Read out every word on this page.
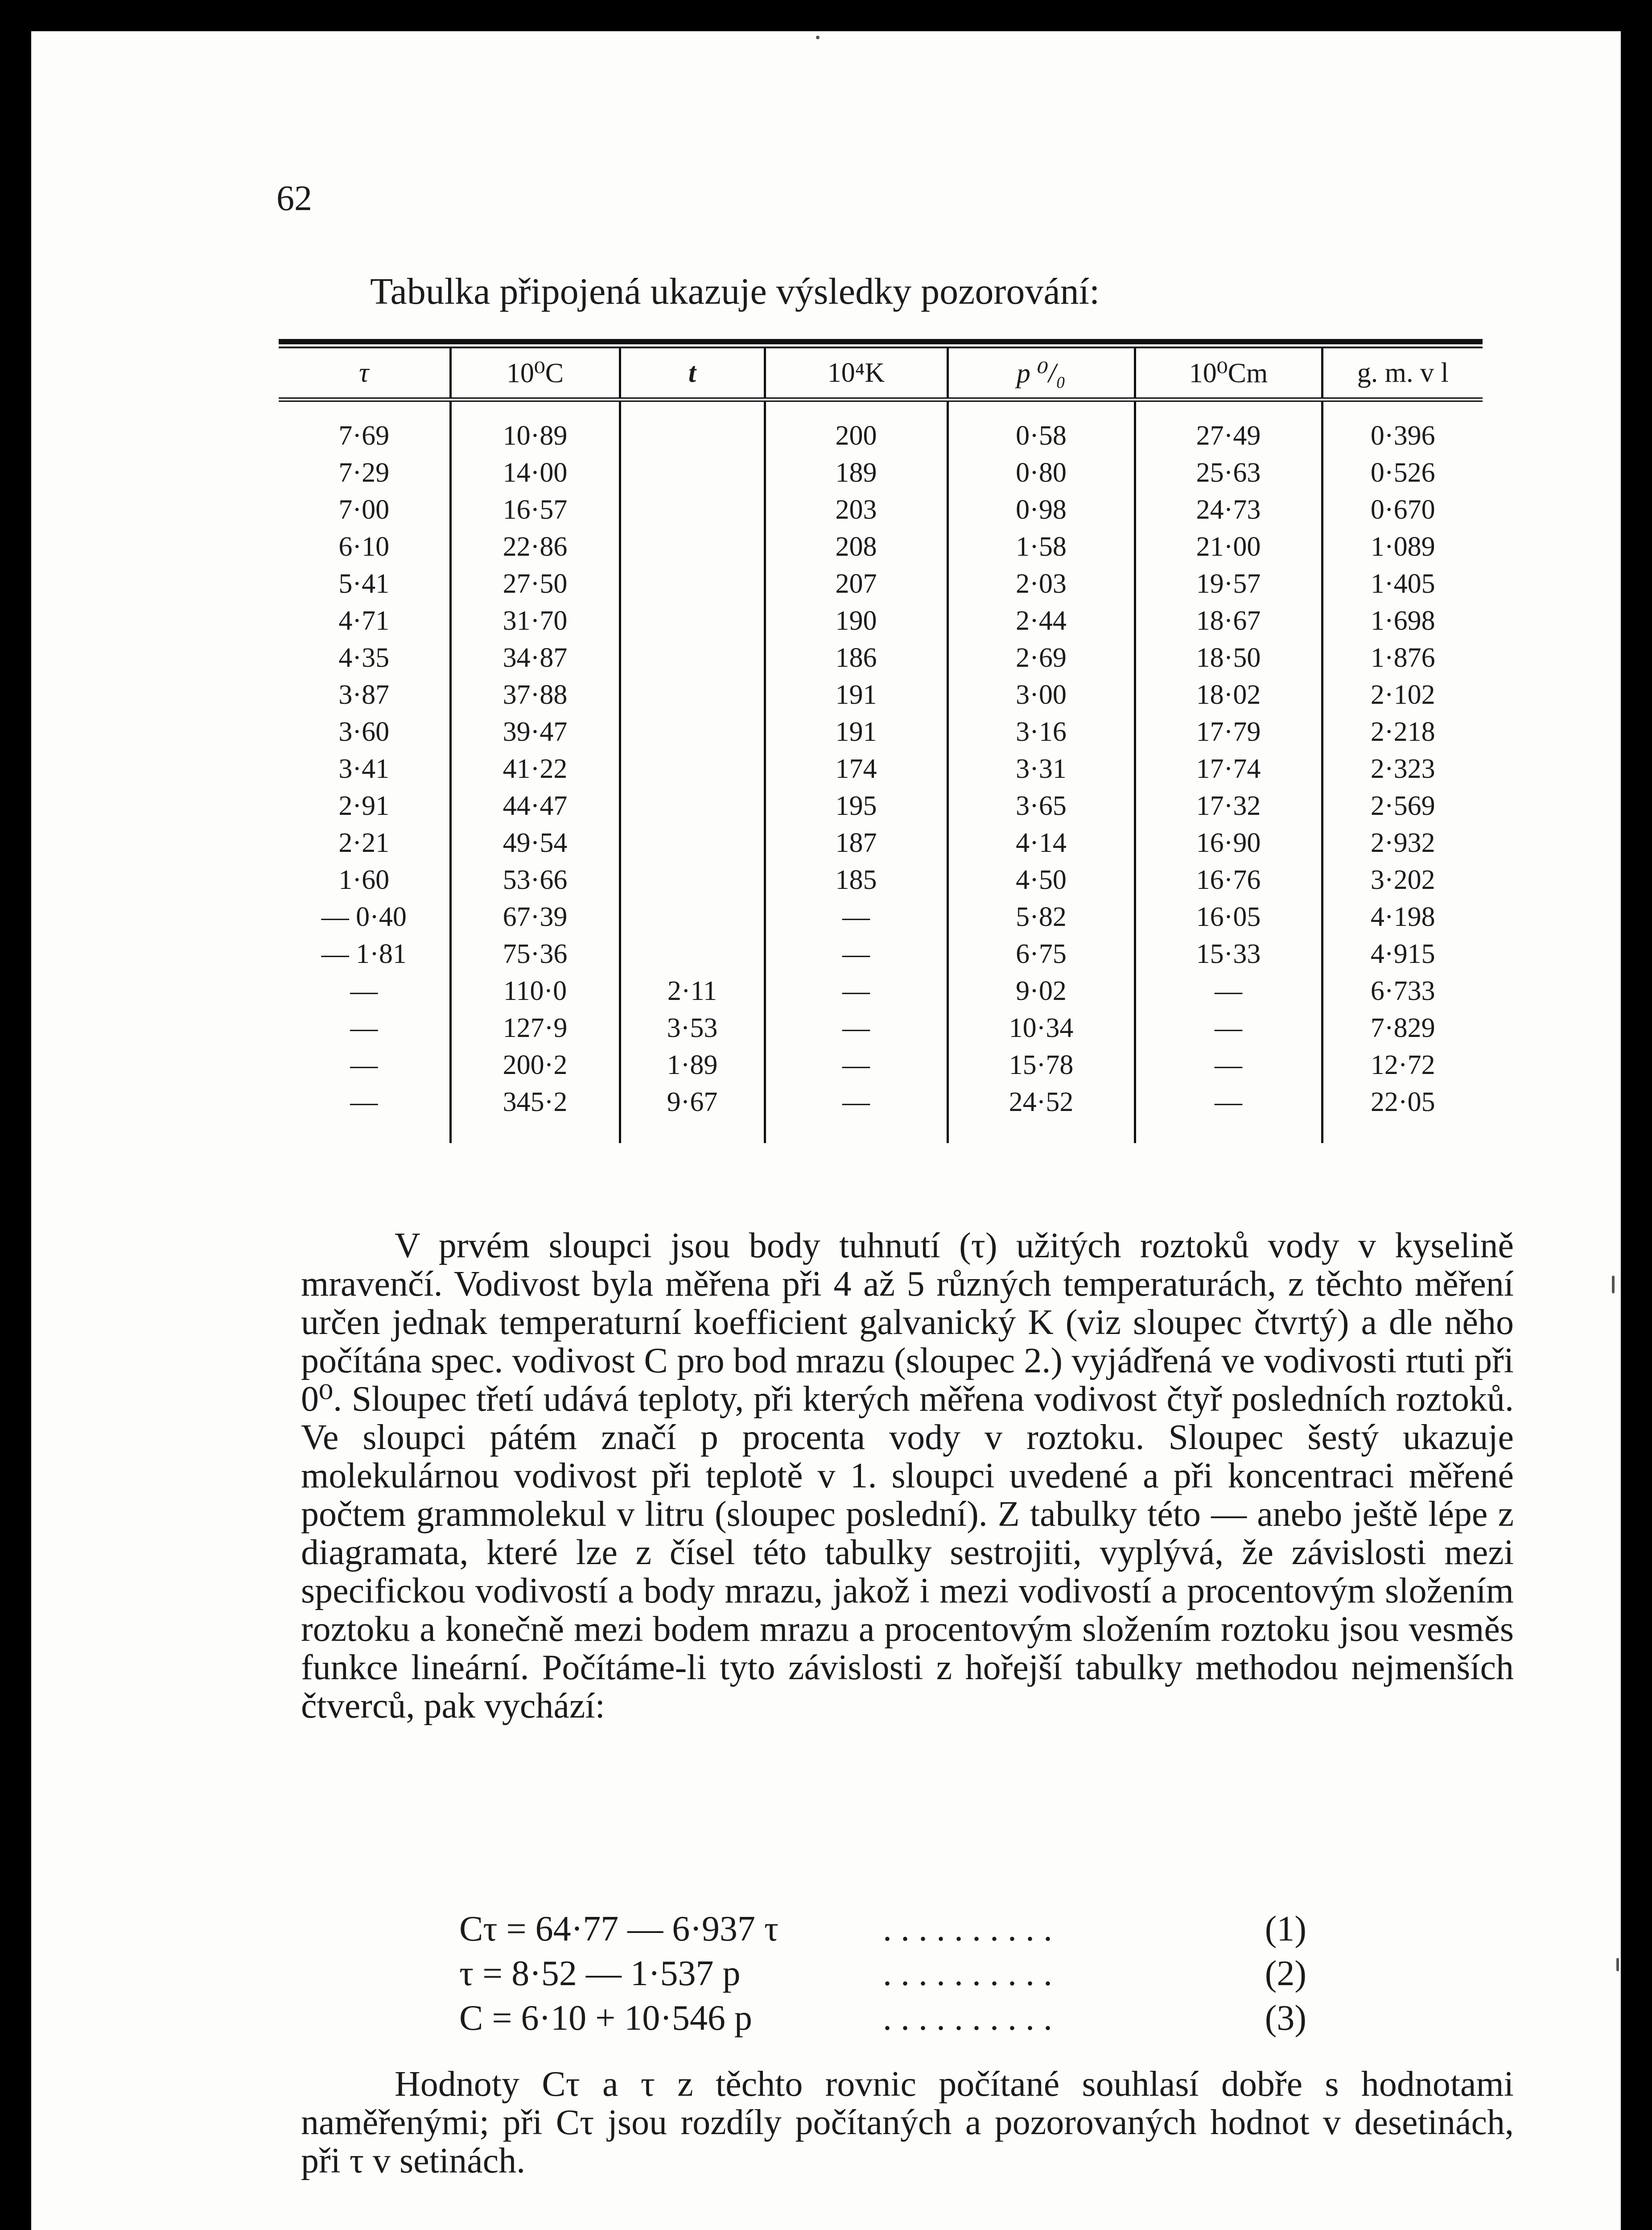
62
Tabulka připojená ukazuje výsledky pozorování:
τ	10⁰C	t	10⁴K	p ⁰/₀	10⁰Cm	g. m. v l
7·69	10·89		200	0·58	27·49	0·396
7·29	14·00		189	0·80	25·63	0·526
7·00	16·57		203	0·98	24·73	0·670
6·10	22·86		208	1·58	21·00	1·089
5·41	27·50		207	2·03	19·57	1·405
4·71	31·70		190	2·44	18·67	1·698
4·35	34·87		186	2·69	18·50	1·876
3·87	37·88		191	3·00	18·02	2·102
3·60	39·47		191	3·16	17·79	2·218
3·41	41·22		174	3·31	17·74	2·323
2·91	44·47		195	3·65	17·32	2·569
2·21	49·54		187	4·14	16·90	2·932
1·60	53·66		185	4·50	16·76	3·202
— 0·40	67·39		—	5·82	16·05	4·198
— 1·81	75·36		—	6·75	15·33	4·915
—	110·0	2·11	—	9·02	—	6·733
—	127·9	3·53	—	10·34	—	7·829
—	200·2	1·89	—	15·78	—	12·72
—	345·2	9·67	—	24·52	—	22·05

V prvém sloupci jsou body tuhnutí (τ) užitých roztoků vody v kyselině mravenčí. Vodivost byla měřena při 4 až 5 různých temperaturách, z těchto měření určen jednak temperaturní koefficient galvanický K (viz sloupec čtvrtý) a dle něho počítána spec. vodivost C pro bod mrazu (sloupec 2.) vyjádřená ve vodivosti rtuti při 0⁰. Sloupec třetí udává teploty, při kterých měřena vodivost čtyř posledních roztoků. Ve sloupci pátém značí p procenta vody v roztoku. Sloupec šestý ukazuje molekulárnou vodivost při teplotě v 1. sloupci uvedené a při koncentraci měřené počtem grammolekul v litru (sloupec poslední). Z tabulky této — anebo ještě lépe z diagramata, které lze z čísel této tabulky sestrojiti, vyplývá, že závislosti mezi specifickou vodivostí a body mrazu, jakož i mezi vodivostí a procentovým složením roztoku a konečně mezi bodem mrazu a procentovým složením roztoku jsou vesměs funkce lineární. Počítáme-li tyto závislosti z hořejší tabulky methodou nejmenších čtverců, pak vychází:

Cτ = 64·77 — 6·937 τ	..........	(1)
τ = 8·52 — 1·537 p	..........	(2)
C = 6·10 + 10·546 p	..........	(3)

Hodnoty Cτ a τ z těchto rovnic počítané souhlasí dobře s hodnotami naměřenými; při Cτ jsou rozdíly počítaných a pozorovaných hodnot v desetinách, při τ v setinách.
